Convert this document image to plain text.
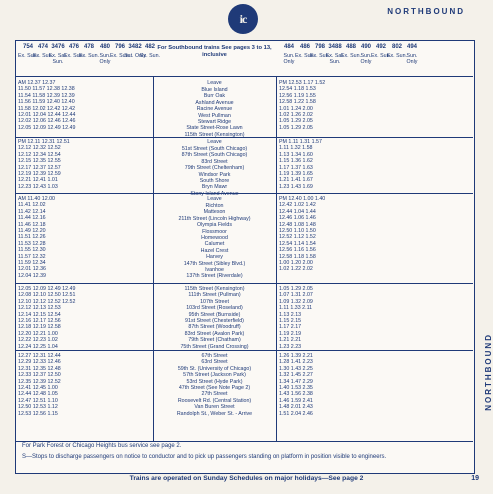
ic	NORTHBOUND
For Southbound trains See pages 3 to 13, inclusive
754
Ex. Sun.
474
Ex. Sun.
3476
Ex. Sat. Sun.
476
Ex. Sun.
478
Ex. Sun.
480
Sun. Only
796
Ex. Sun.
3482
Sat. Only
482
Ex. Sun.
484
Sun. Only
486
Ex. Sun.
798
Ex. Sun.
3488
Ex. Sat. Sun.
488
Ex. Sun.
490
Sun. Only
492
Ex. Sun.
802
Ex. Sun.
494
Sun. Only
Leave
Blue Island
Burr Oak
Ashland Avenue
Racine Avenue
West Pullman
Stewart Ridge
State Street-Rose Lawn
115th Street (Kensington)
AM 12.37 12.37
11.50 11.57 12.38 12.38
11.54 11.58 12.39 12.39
11.56 11.59 12.40 12.40
11.58 12.02 12.42 12.42
12.01 12.04 12.44 12.44
12.02 12.06 12.46 12.46
12.05 12.09 12.49 12.49
PM 12.53 1.17 1.52
12.54 1.18 1.53
12.56 1.19 1.55
12.58 1.22 1.58
1.01 1.24 2.00
1.02 1.26 2.02
1.05 1.29 2.05
1.05 1.29 2.05
Leave
51st Street (South Chicago)
87th Street (South Chicago)
83rd Street
79th Street (Cheltenham)
Windsor Park
South Shore
Bryn Mawr
Stony Island Avenue
PM 12.11 12.31 12.51
12.12 12.32 12.52
12.12 12.34 12.54
12.15 12.35 12.55
12.17 12.37 12.57
12.19 12.39 12.59
12.21 12.41 1.01
12.23 12.43 1.03
PM 1.11 1.31 1.57
1.11 1.32 1.58
1.13 1.34 1.60
1.15 1.36 1.62
1.17 1.37 1.63
1.19 1.39 1.65
1.21 1.41 1.67
1.23 1.43 1.69
Leave
Richton
Matteson
211th Street (Lincoln Highway)
Olympia Fields
Flossmoor
Homewood
Calumet
Hazel Crest
Harvey
147th Street (Sibley Blvd.)
Ivanhoe
137th Street (Riverdale)
AM 11.40 12.00
11.41 12.02
11.42 12.14
11.44 12.16
11.46 12.18
11.49 12.20
11.51 12.26
11.53 12.28
11.55 12.30
11.57 12.32
11.59 12.34
12.01 12.36
12.04 12.39
PM 12.40 1.00 1.40
12.42 1.02 1.42
12.44 1.04 1.44
12.46 1.06 1.46
12.48 1.08 1.48
12.50 1.10 1.50
12.52 1.12 1.52
12.54 1.14 1.54
12.56 1.16 1.56
12.58 1.18 1.58
1.00 1.20 2.00
1.02 1.22 2.02
115th Street (Kensington)
111th Street (Pullman)
107th Street
103rd Street (Roseland)
95th Street (Burnside)
91st Street (Chesterfield)
87th Street (Woodruff)
83rd Street (Avalon Park)
79th Street (Chatham)
75th Street (Grand Crossing)
12.05 12.09 12.49 12.49
12.08 12.10 12.50 12.51
12.10 12.12 12.52 12.52
12.12 12.13 12.53
12.14 12.15 12.54
12.16 12.17 12.56
12.18 12.19 12.58
12.20 12.21 1.00
12.22 12.23 1.02
12.24 12.25 1.04
1.05 1.29 2.05
1.07 1.31 2.07
1.09 1.32 2.09
1.11 1.33 2.11
1.13 2.13
1.15 2.15
1.17 2.17
1.19 2.19
1.21 2.21
1.23 2.23
67th Street
63rd Street
59th St. (University of Chicago)
57th Street (Jackson Park)
53rd Street (Hyde Park)
47th Street (See Note Page 2)
27th Street
Roosevelt Rd. (Central Station)
Van Buren Street
Randolph St., Weber St. - Arrive
12.27 12.31 12.44
12.29 12.33 12.46
12.31 12.35 12.48
12.33 12.37 12.50
12.35 12.39 12.52
12.41 12.45 1.00
12.44 12.48 1.05
12.47 12.51 1.10
12.50 12.53 1.12
12.53 12.56 1.15
1.26 1.39 2.21
1.28 1.41 2.23
1.30 1.43 2.25
1.32 1.45 2.27
1.34 1.47 2.29
1.40 1.53 2.35
1.43 1.56 2.38
1.46 1.59 2.41
1.48 2.01 2.43
1.51 2.04 2.46
For Park Forest or Chicago Heights bus service see page 2.
S—Stops to discharge passengers on notice to conductor and to pick up passengers standing on platform in position visible to engineers.
NORTHBOUND
Trains are operated on Sunday Schedules on major holidays—See page 2	19
